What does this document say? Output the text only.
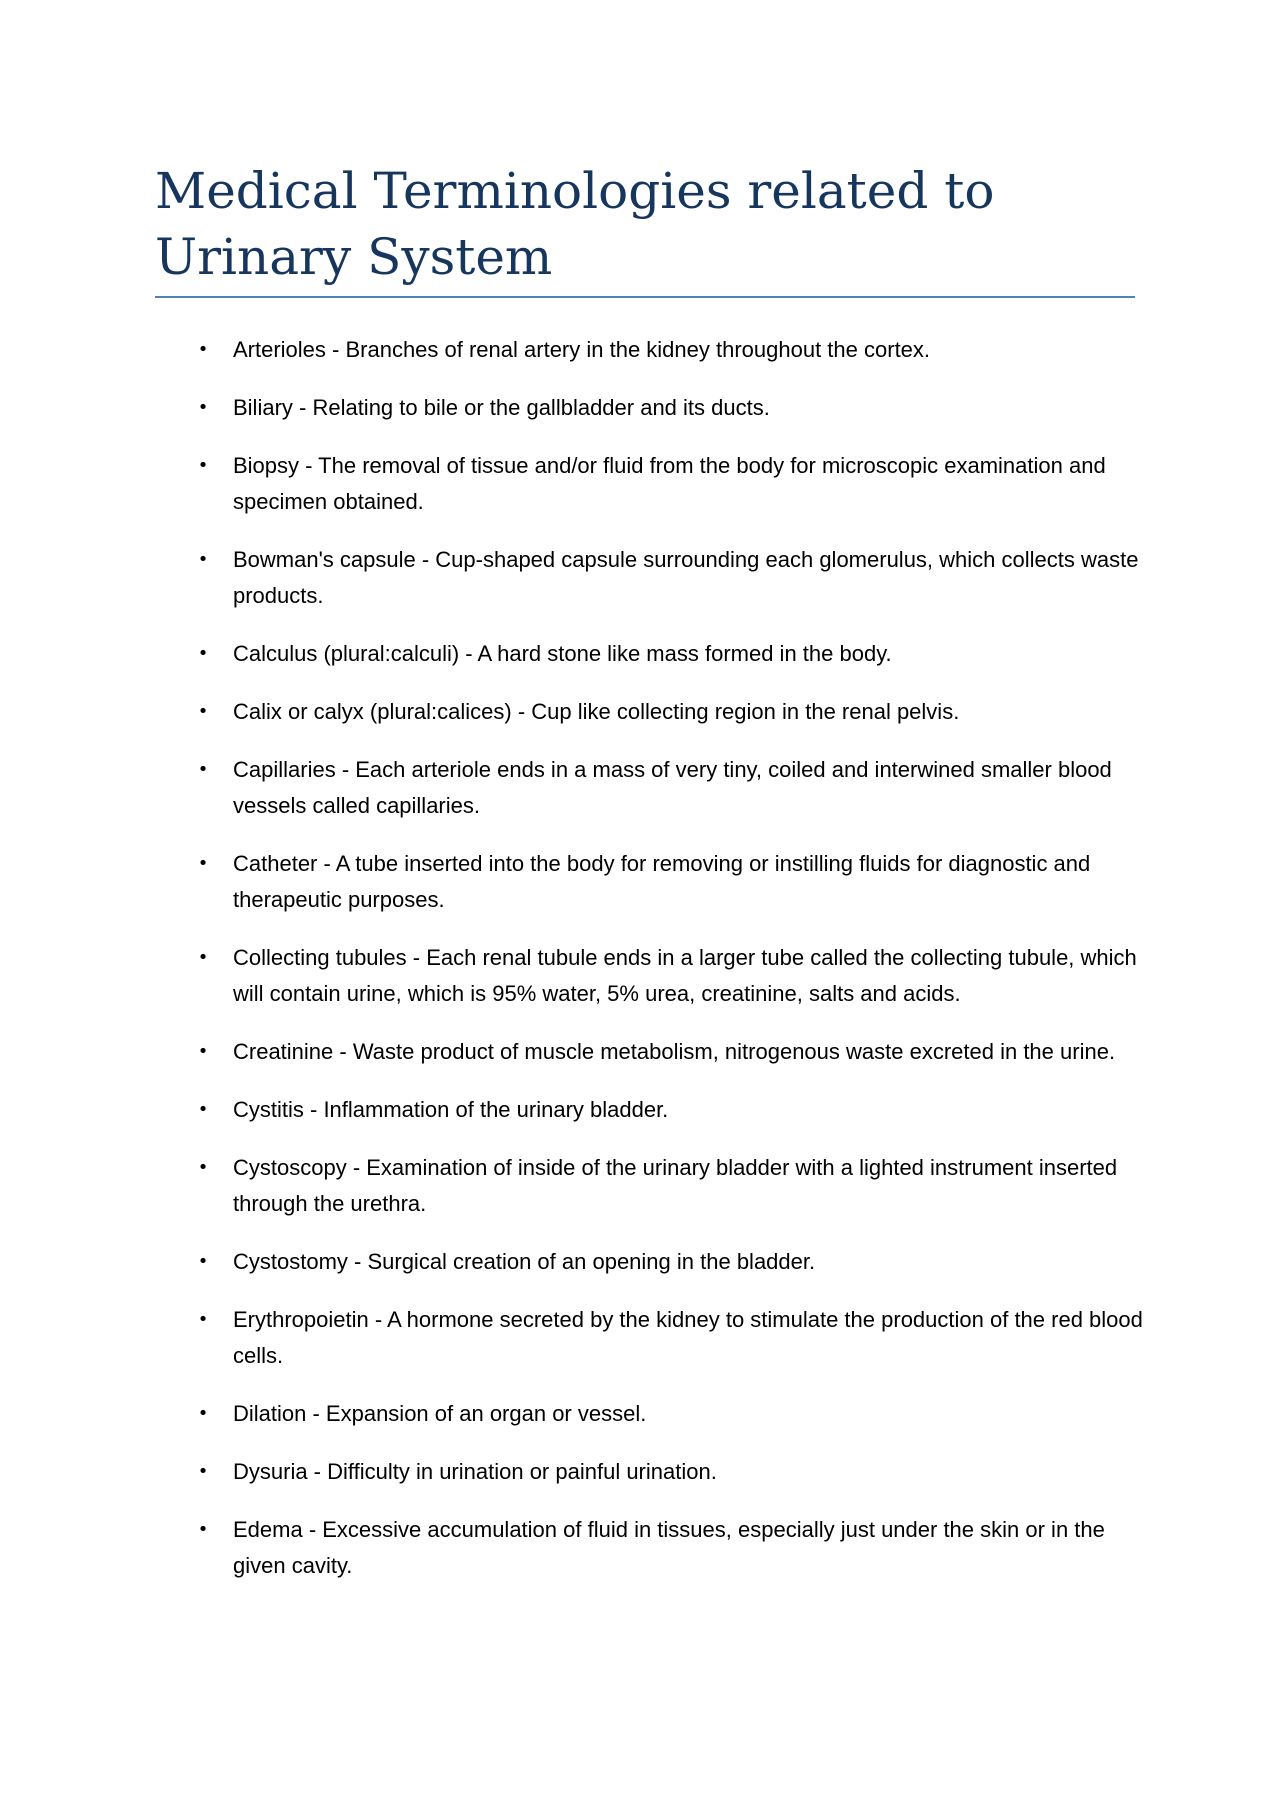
Medical Terminologies related to Urinary System
• Arterioles - Branches of renal artery in the kidney throughout the cortex.
• Biliary - Relating to bile or the gallbladder and its ducts.
• Biopsy - The removal of tissue and/or fluid from the body for microscopic examination and specimen obtained.
• Bowman's capsule - Cup-shaped capsule surrounding each glomerulus, which collects waste products.
• Calculus (plural:calculi) - A hard stone like mass formed in the body.
• Calix or calyx (plural:calices) - Cup like collecting region in the renal pelvis.
• Capillaries - Each arteriole ends in a mass of very tiny, coiled and interwined smaller blood vessels called capillaries.
• Catheter - A tube inserted into the body for removing or instilling fluids for diagnostic and therapeutic purposes.
• Collecting tubules - Each renal tubule ends in a larger tube called the collecting tubule, which will contain urine, which is 95% water, 5% urea, creatinine, salts and acids.
• Creatinine - Waste product of muscle metabolism, nitrogenous waste excreted in the urine.
• Cystitis - Inflammation of the urinary bladder.
• Cystoscopy - Examination of inside of the urinary bladder with a lighted instrument inserted through the urethra.
• Cystostomy - Surgical creation of an opening in the bladder.
• Erythropoietin - A hormone secreted by the kidney to stimulate the production of the red blood cells.
• Dilation - Expansion of an organ or vessel.
• Dysuria - Difficulty in urination or painful urination.
• Edema - Excessive accumulation of fluid in tissues, especially just under the skin or in the given cavity.
